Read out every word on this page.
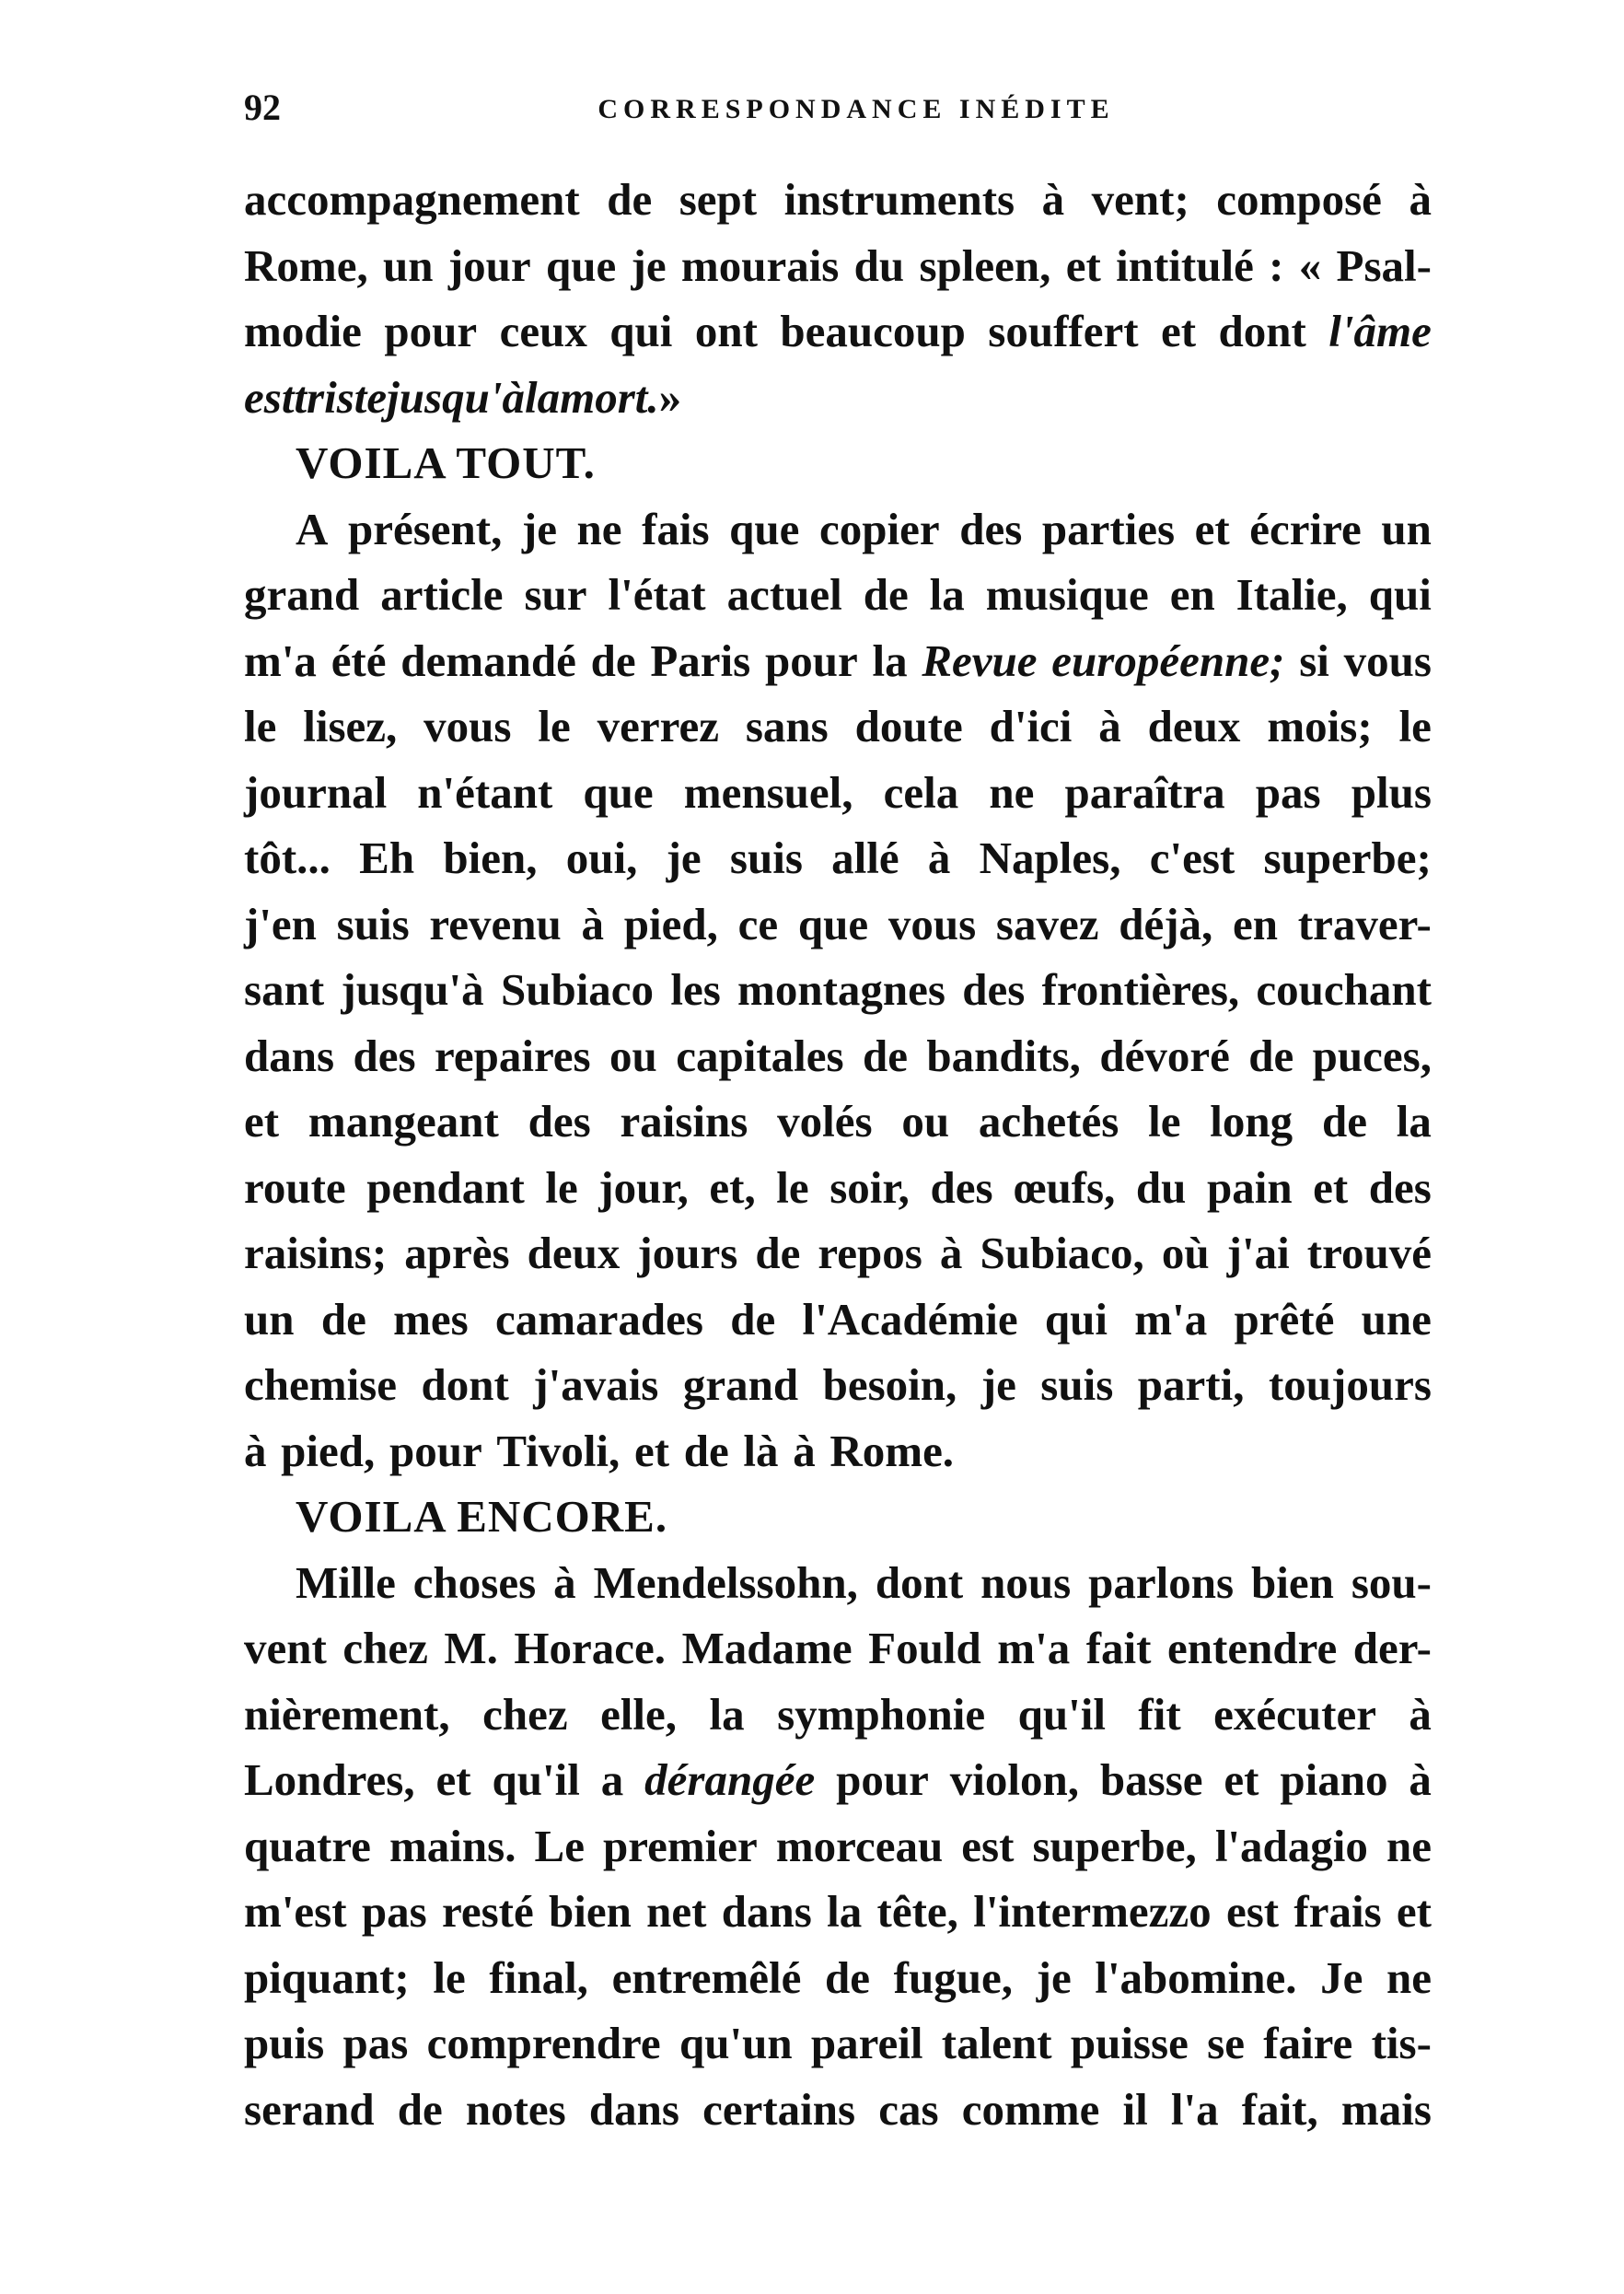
92	CORRESPONDANCE INÉDITE
accompagnement de sept instruments à vent; composé à
Rome, un jour que je mourais du spleen, et intitulé : « Psal-
modie pour ceux qui ont beaucoup souffert et dont l'âme
est triste jusqu'à la mort. »
VOILA TOUT.
A présent, je ne fais que copier des parties et écrire un
grand article sur l'état actuel de la musique en Italie, qui
m'a été demandé de Paris pour la Revue européenne; si vous
le lisez, vous le verrez sans doute d'ici à deux mois; le
journal n'étant que mensuel, cela ne paraîtra pas plus
tôt... Eh bien, oui, je suis allé à Naples, c'est superbe;
j'en suis revenu à pied, ce que vous savez déjà, en traver-
sant jusqu'à Subiaco les montagnes des frontières, couchant
dans des repaires ou capitales de bandits, dévoré de puces,
et mangeant des raisins volés ou achetés le long de la
route pendant le jour, et, le soir, des œufs, du pain et des
raisins; après deux jours de repos à Subiaco, où j'ai trouvé
un de mes camarades de l'Académie qui m'a prêté une
chemise dont j'avais grand besoin, je suis parti, toujours
à pied, pour Tivoli, et de là à Rome.
VOILA ENCORE.
Mille choses à Mendelssohn, dont nous parlons bien sou-
vent chez M. Horace. Madame Fould m'a fait entendre der-
nièrement, chez elle, la symphonie qu'il fit exécuter à
Londres, et qu'il a dérangée pour violon, basse et piano à
quatre mains. Le premier morceau est superbe, l'adagio ne
m'est pas resté bien net dans la tête, l'intermezzo est frais et
piquant; le final, entremêlé de fugue, je l'abomine. Je ne
puis pas comprendre qu'un pareil talent puisse se faire tis-
serand de notes dans certains cas comme il l'a fait, mais
